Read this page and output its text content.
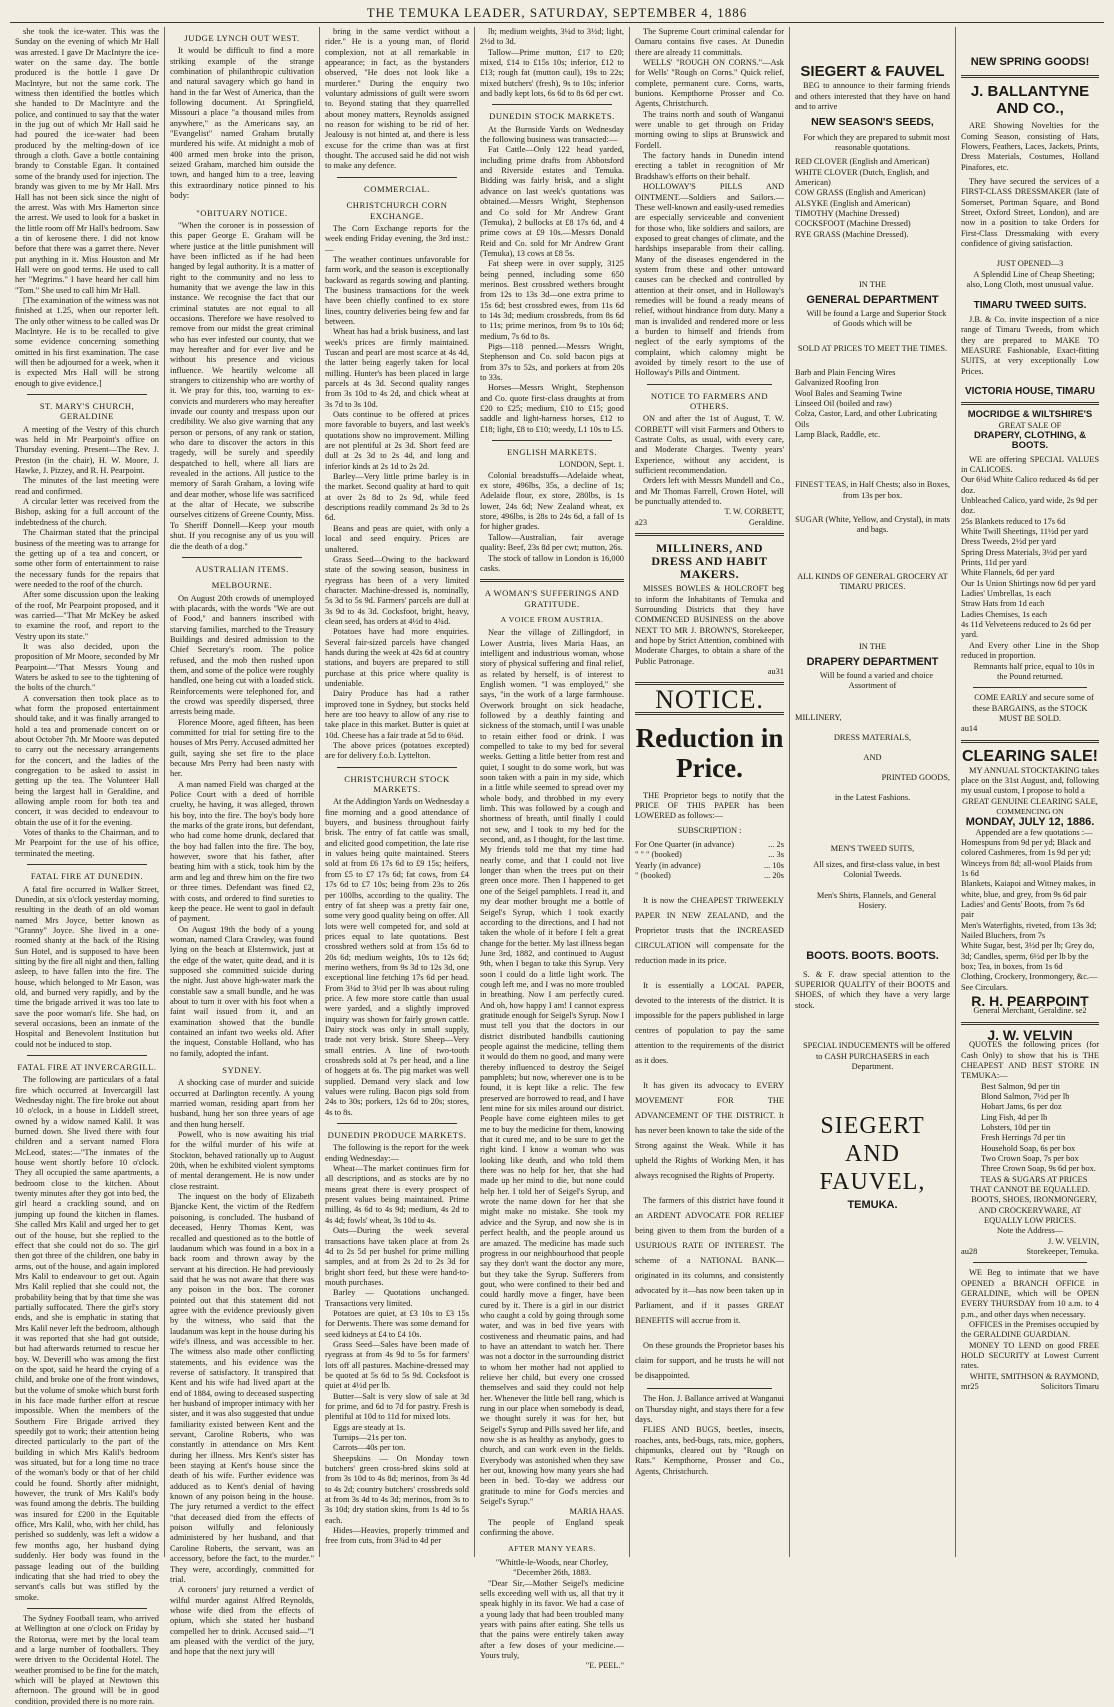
THE TEMUKA LEADER, SATURDAY, SEPTEMBER 4, 1886

she took the ice-water. This was the Sunday on the evening of which Mr Hall was arrested. I gave Dr MacIntyre the ice-water on the same day. The bottle produced is the bottle I gave Dr MacIntyre, but not the same cork. The witness then identified the bottles which she handed to Dr MacIntyre and the police, and continued to say that the water in the jug out of which Mr Hall said he had poured the ice-water had been produced by the melting-down of ice through a cloth. Gave a bottle containing brandy to Constable Egan. It contained some of the brandy used for injection. The brandy was given to me by Mr Hall. Mrs Hall has not been sick since the night of the arrest. Was with Mrs Hamerton since the arrest. We used to look for a basket in the little room off Mr Hall's bedroom. Saw a tin of kerosene there. I did not know before that there was a garret there. Never put anything in it. Miss Houston and Mr Hall were on good terms. He used to call her "Megrims." I have heard her call him "Tom." She used to call him Mr Hall.

[The examination of the witness was not finished at 1.25, when our reporter left. The only other witness to be called was Dr MacIntyre. He is to be recalled to give some evidence concerning something omitted in his first examination. The case will then be adjourned for a week, when it is expected Mrs Hall will be strong enough to give evidence.]

ST. MARY'S CHURCH, GERALDINE

A meeting of the Vestry of this church was held in Mr Pearpoint's office on Thursday evening. Present—The Rev. J. Preston (in the chair), H. W. Moore, J. Hawke, J. Pizzey, and R. H. Pearpoint.

The minutes of the last meeting were read and confirmed.

A circular letter was received from the Bishop, asking for a full account of the indebtedness of the church.

The Chairman stated that the principal business of the meeting was to arrange for the getting up of a tea and concert, or some other form of entertainment to raise the necessary funds for the repairs that were needed to the roof of the church.

After some discussion upon the leaking of the roof, Mr Pearpoint proposed, and it was carried—"That Mr McKey be asked to examine the roof, and report to the Vestry upon its state."

It was also decided, upon the proposition of Mr Moore, seconded by Mr Pearpoint—"That Messrs Young and Waters be asked to see to the tightening of the bolts of the church."

A conversation then took place as to what form the proposed entertainment should take, and it was finally arranged to hold a tea and promenade concert on or about October 7th. Mr Moore was deputed to carry out the necessary arrangements for the concert, and the ladies of the congregation to be asked to assist in getting up the tea. The Volunteer Hall being the largest hall in Geraldine, and allowing ample room for both tea and concert, it was decided to endeavour to obtain the use of it for the evening.

Votes of thanks to the Chairman, and to Mr Pearpoint for the use of his office, terminated the meeting.

FATAL FIRE AT DUNEDIN.

A fatal fire occurred in Walker Street, Dunedin, at six o'clock yesterday morning, resulting in the death of an old woman named Mrs Joyce, better known as "Granny" Joyce. She lived in a one-roomed shanty at the back of the Rising Sun Hotel, and is supposed to have been sitting by the fire all night and then, falling asleep, to have fallen into the fire. The house, which belonged to Mr Eason, was old, and burned very rapidly, and by the time the brigade arrived it was too late to save the poor woman's life. She had, on several occasions, been an inmate of the Hospital and Benevolent Institution but could not be induced to stop.

FATAL FIRE AT INVERCARGILL.

The following are particulars of a fatal fire which occurred at Invercargill last Wednesday night. The fire broke out about 10 o'clock, in a house in Liddell street, owned by a widow named Kalil. It was burned down. She lived there with four children and a servant named Flora McLeod, states:—"The inmates of the house went shortly before 10 o'clock. They all occupied the same apartments, a bedroom close to the kitchen. About twenty minutes after they got into bed, the girl heard a crackling sound, and on jumping up found the kitchen in flames. She called Mrs Kalil and urged her to get out of the house, but she replied to the effect that she could not do so. The girl then got three of the children, one baby in arms, out of the house, and again implored Mrs Kalil to endeavour to get out. Again Mrs Kalil replied that she could not, the probability being that by that time she was partially suffocated. There the girl's story ends, and she is emphatic in stating that Mrs Kalil never left the bedroom, although it was reported that she had got outside, but had afterwards returned to rescue her boy. W. Deverill who was among the first on the spot, said he heard the crying of a child, and broke one of the front windows, but the volume of smoke which burst forth in his face made further effort at rescue impossible. When the members of the Southern Fire Brigade arrived they speedily got to work; their attention being directed particularly to the part of the building in which Mrs Kalil's bedroom was situated, but for a long time no trace of the woman's body or that of her child could be found. Shortly after midnight, however, the trunk of Mrs Kalil's body was found among the debris. The building was insured for £200 in the Equitable office, Mrs Kalil, who, with her child, has perished so suddenly, was left a widow a few months ago, her husband dying suddenly. Her body was found in the passage leading out of the building indicating that she had tried to obey the servant's calls but was stifled by the smoke.

The Sydney Football team, who arrived at Wellington at one o'clock on Friday by the Rotorua, were met by the local team and a large number of footballers. They were driven to the Occidental Hotel. The weather promised to be fine for the match, which will be played at Newtown this afternoon. The ground will be in good condition, provided there is no more rain.

JUDGE LYNCH OUT WEST.

It would be difficult to find a more striking example of the strange combination of philanthropic cultivation and natural savagery which go hand in hand in the far West of America, than the following document. At Springfield, Missouri a place "a thousand miles from anywhere," as the Americans say, an "Evangelist" named Graham brutally murdered his wife. At midnight a mob of 400 armed men broke into the prison, seized Graham, marched him outside the town, and hanged him to a tree, leaving this extraordinary notice pinned to his body:

"OBITUARY NOTICE.

"When the coroner is in possession of this paper George E. Graham will be where justice at the little punishment will have been inflicted as if he had been hanged by legal authority. It is a matter of right to the community and no less to humanity that we avenge the law in this instance. We recognise the fact that our criminal statutes are not equal to all occasions. Therefore we have resolved to remove from our midst the great criminal who has ever infested our county, that we may hereafter and for ever live and be without his presence and vicious influence. We heartily welcome all strangers to citizenship who are worthy of it. We pray for this, too, warning to ex-convicts and murderers who may hereafter invade our county and trespass upon our credibility. We also give warning that any person or persons, of any rank or station, who dare to discover the actors in this tragedy, will be surely and speedily despatched to hell, where all liars are revealed in the actions. All justice to the memory of Sarah Graham, a loving wife and dear mother, whose life was sacrificed at the altar of Hecate, we subscribe ourselves citizens of Greene County, Miss. To Sheriff Donnell—Keep your mouth shut. If you recognise any of us you will die the death of a dog."

AUSTRALIAN ITEMS.
MELBOURNE.

On August 20th crowds of unemployed with placards, with the words "We are out of Food," and banners inscribed with starving families, marched to the Treasury Buildings and desired admission to the Chief Secretary's room. The police refused, and the mob then rushed upon them, and some of the police were roughly handled, one being cut with a loaded stick. Reinforcements were telephoned for, and the crowd was speedily dispersed, three arrests being made.

Florence Moore, aged fifteen, has been committed for trial for setting fire to the houses of Mrs Perry. Accused admitted her guilt, saying she set fire to the place because Mrs Perry had been nasty with her.

A man named Field was charged at the Police Court with a deed of horrible cruelty, he having, it was alleged, thrown his boy, into the fire. The boy's body bore the marks of the grate irons, but defendant, who had come home drunk, declared that the boy had fallen into the fire. The boy, however, swore that his father, after beating him with a stick, took him by the arm and leg and threw him on the fire two or three times. Defendant was fined £2, with costs, and ordered to find sureties to keep the peace. He went to gaol in default of payment.

On August 19th the body of a young woman, named Clara Crawley, was found lying on the beach at Elsternwick, just at the edge of the water, quite dead, and it is supposed she committed suicide during the night. Just above high-water mark the constable saw a small bundle, and he was about to turn it over with his foot when a faint wail issued from it, and an examination showed that the bundle contained an infant two weeks old. After the inquest, Constable Holland, who has no family, adopted the infant.

SYDNEY.

A shocking case of murder and suicide occurred at Darlington recently. A young married woman, residing apart from her husband, hung her son three years of age and then hung herself.

Powell, who is now awaiting his trial for the wilful murder of his wife at Stockton, behaved rationally up to August 20th, when he exhibited violent symptoms of mental derangement. He is now under close restraint.

The inquest on the body of Elizabeth Bjancke Kent, the victim of the Redfern poisoning, is concluded. The husband of deceased, Henry Thomas Kent, was recalled and questioned as to the bottle of laudanum which was found in a box in a back room and thrown away by the servant at his direction. He had previously said that he was not aware that there was any poison in the box. The coroner pointed out that this statement did not agree with the evidence previously given by the witness, who said that the laudanum was kept in the house during his wife's illness, and was accessible to her. The witness also made other conflicting statements, and his evidence was the reverse of satisfactory. It transpired that Kent and his wife had lived apart at the end of 1884, owing to deceased suspecting her husband of improper intimacy with her sister, and it was also suggested that undue familiarity existed between Kent and the servant, Caroline Roberts, who was constantly in attendance on Mrs Kent during her illness. Mrs Kent's sister has been staying at Kent's house since the death of his wife. Further evidence was adduced as to Kent's denial of having known of any poison being in the house. The jury returned a verdict to the effect "that deceased died from the effects of poison wilfully and feloniously administered by her husband, and that Caroline Roberts, the servant, was an accessory, before the fact, to the murder." They were, accordingly, committed for trial.

A coroners' jury returned a verdict of wilful murder against Alfred Reynolds, whose wife died from the effects of opium, which she stated her husband compelled her to drink. Accused said—"I am pleased with the verdict of the jury, and hope that the next jury will

bring in the same verdict without a rider." He is a young man, of florid complexion, not at all remarkable in appearance; in fact, as the bystanders observed, "He does not look like a murderer." During the enquiry two voluntary admissions of guilt were sworn to. Beyond stating that they quarrelled about money matters, Reynolds assigned no reason for wishing to be rid of her. Jealousy is not hinted at, and there is less excuse for the crime than was at first thought. The accused said he did not wish to make any defence.

COMMERCIAL.
CHRISTCHURCH CORN EXCHANGE.

The Corn Exchange reports for the week ending Friday evening, the 3rd inst.:—

The weather continues unfavorable for farm work, and the season is exceptionally backward as regards sowing and planting. The business transactions for the week have been chiefly confined to ex store lines, country deliveries being few and far between.

Wheat has had a brisk business, and last week's prices are firmly maintained. Tuscan and pearl are most scarce at 4s 4d, the latter being eagerly taken for local milling. Hunter's has been placed in large parcels at 4s 3d. Second quality ranges from 3s 10d to 4s 2d, and chick wheat at 3s 7d to 3s 10d.

Oats continue to be offered at prices more favorable to buyers, and last week's quotations show no improvement. Milling are not plentiful at 2s 3d. Short feed are dull at 2s 3d to 2s 4d, and long and inferior kinds at 2s 1d to 2s 2d.

Barley—Very little prime barley is in the market. Second quality at hard to quit at over 2s 8d to 2s 9d, while feed descriptions readily command 2s 3d to 2s 6d.

Beans and peas are quiet, with only a local and seed enquiry. Prices are unaltered.

Grass Seed—Owing to the backward state of the sowing season, business in ryegrass has been of a very limited character. Machine-dressed is, nominally, 5s 3d to 5s 9d. Farmers' parcels are dull at 3s 9d to 4s 3d. Cocksfoot, bright, heavy, clean seed, has orders at 4½d to 4¾d.

Potatoes have had more enquiries. Several fair-sized parcels have changed hands during the week at 42s 6d at country stations, and buyers are prepared to still purchase at this price where quality is undeniable.

Dairy Produce has had a rather improved tone in Sydney, but stocks held here are too heavy to allow of any rise to take place in this market. Butter is quiet at 10d. Cheese has a fair trade at 5d to 6¼d.

The above prices (potatoes excepted) are for delivery f.o.b. Lyttelton.

CHRISTCHURCH STOCK MARKETS.

At the Addington Yards on Wednesday a fine morning and a good attendance of buyers, and business throughout fairly brisk. The entry of fat cattle was small, and elicited good competition, the late rise in values being quite maintained. Steers sold at from £6 17s 6d to £9 15s; heifers, from £5 to £7 17s 6d; fat cows, from £4 17s 6d to £7 10s; being from 23s to 26s per 100lbs, according to the quality. The entry of fat sheep was a pretty fair one, some very good quality being on offer. All lots were well competed for, and sold at prices equal to late quotations. Best crossbred wethers sold at from 15s 6d to 20s 6d; medium weights, 10s to 12s 6d; merino wethers, from 9s 3d to 12s 3d, one exceptional line fetching 17s 6d per head. From 3¼d to 3½d per lb was about ruling price. A few more store cattle than usual were yarded, and a slightly improved inquiry was shown for fairly grown cattle. Dairy stock was only in small supply, trade not very brisk. Store Sheep—Very small entries. A line of two-tooth crossbreds sold at 7s per head, and a line of hoggets at 6s. The pig market was well supplied. Demand very slack and low values were ruling. Bacon pigs sold from 24s to 30s; porkers, 12s 6d to 20s; stores, 4s to 8s.

DUNEDIN PRODUCE MARKETS.

The following is the report for the week ending Wednesday:—

Wheat—The market continues firm for all descriptions, and as stocks are by no means great there is every prospect of present values being maintained. Prime milling, 4s 6d to 4s 9d; medium, 4s 2d to 4s 4d; fowls' wheat, 3s 10d to 4s.

Oats—During the week several transactions have taken place at from 2s 4d to 2s 5d per bushel for prime milling samples, and at from 2s 2d to 2s 3d for bright short feed, but these were hand-to-mouth purchases.

Barley — Quotations unchanged. Transactions very limited.

Potatoes are quiet, at £3 10s to £3 15s for Derwents. There was some demand for seed kidneys at £4 to £4 10s.

Grass Seed—Sales have been made of ryegrass at from 4s 9d to 5s for farmers' lots off all pastures. Machine-dressed may be quoted at 5s 6d to 5s 9d. Cocksfoot is quiet at 4½d per lb.

Butter—Salt is very slow of sale at 3d for prime, and 6d to 7d for pastry. Fresh is plentiful at 10d to 11d for mixed lots.

Eggs are steady at 1s.

Turnips—21s per ton.

Carrots—40s per ton.

Sheepskins — On Monday town butchers' green cross-bred skins sold at from 3s 10d to 4s 8d; merinos, from 3s 4d to 4s 2d; country butchers' crossbreds sold at from 3s 4d to 4s 3d; merinos, from 3s to 3s 10d; dry station skins, from 1s 4d to 5s each.

Hides—Heavies, properly trimmed and free from cuts, from 3¾d to 4d per

lb; medium weights, 3¼d to 3½d; light, 2½d to 3d.

Tallow—Prime mutton, £17 to £20; mixed, £14 to £15s 10s; inferior, £12 to £13; rough fat (mutton caul), 19s to 22s; mixed butchers' (fresh), 9s to 10s; inferior and badly kept lots, 6s 6d to 8s 6d per cwt.

DUNEDIN STOCK MARKETS.

At the Burnside Yards on Wednesday the following business was transacted:—

Fat Cattle—Only 122 head yarded, including prime drafts from Abbotsford and Riverside estates and Temuka. Bidding was fairly brisk, and a slight advance on last week's quotations was obtained.—Messrs Wright, Stephenson and Co sold for Mr Andrew Grant (Temuka), 2 bullocks at £8 17s 6d, and 4 prime cows at £9 10s.—Messrs Donald Reid and Co. sold for Mr Andrew Grant (Temuka), 13 cows at £8 5s.

Fat sheep were in over supply, 3125 being penned, including some 650 merinos. Best crossbred wethers brought from 12s to 13s 3d—one extra prime to 15s 6d; best crossbred ewes, from 11s 6d to 14s 3d; medium crossbreds, from 8s 6d to 11s; prime merinos, from 9s to 10s 6d; medium, 7s 6d to 8s.

Pigs—118 penned.—Messrs Wright, Stephenson and Co. sold bacon pigs at from 37s to 52s, and porkers at from 20s to 33s.

Horses—Messrs Wright, Stephenson and Co. quote first-class draughts at from £20 to £25; medium, £10 to £15; good saddle and light-harness horses, £12 to £18; light, £8 to £10; weedy, L1 10s to L5.

ENGLISH MARKETS.
LONDON, Sept. 1.

Colonial breadstuffs—Adelaide wheat, ex store, 496lbs, 35s, a decline of 1s; Adelaide flour, ex store, 280lbs, is 1s lower, 24s 6d; New Zealand wheat, ex store, 496lbs, is 28s to 24s 6d, a fall of 1s for higher grades.

Tallow—Australian, fair average quality: Beef, 23s 8d per cwt; mutton, 26s.

The stock of tallow in London is 16,000 casks.

A WOMAN'S SUFFERINGS AND GRATITUDE.
A VOICE FROM AUSTRIA.

Near the village of Zillingdorf, in Lower Austria, lives Maria Haas, an intelligent and industrious woman, whose story of physical suffering and final relief, as related by herself, is of interest to English women. "I was employed," she says, "in the work of a large farmhouse. Overwork brought on sick headache, followed by a deathly fainting and sickness of the stomach, until I was unable to retain either food or drink. I was compelled to take to my bed for several weeks. Getting a little better from rest and quiet, I sought to do some work, but was soon taken with a pain in my side, which in a little while seemed to spread over my whole body, and throbbed in my every limb. This was followed by a cough and shortness of breath, until finally I could not sew, and I took to my bed for the second, and, as I thought, for the last time. My friends told me that my time had nearly come, and that I could not live longer than when the trees put on their green once more. Then I happened to get one of the Seigel pamphlets. I read it, and my dear mother brought me a bottle of Seigel's Syrup, which I took exactly according to the directions, and I had not taken the whole of it before I felt a great change for the better. My last illness began June 3rd, 1882, and continued to August 9th, when I began to take this Syrup. Very soon I could do a little light work. The cough left me, and I was no more troubled in breathing. Now I am perfectly cured. And oh, how happy I am! I cannot express gratitude enough for Seigel's Syrup. Now I must tell you that the doctors in our district distributed handbills cautioning people against the medicine, telling them it would do them no good, and many were thereby influenced to destroy the Seigel pamphlets; but now, wherever one is to be found, it is kept like a relic. The few preserved are borrowed to read, and I have lent mine for six miles around our district. People have come eighteen miles to get me to buy the medicine for them, knowing that it cured me, and to be sure to get the right kind. I know a woman who was looking like death, and who told them there was no help for her, that she had made up her mind to die, but none could help her. I told her of Seigel's Syrup, and wrote the name down for her that she might make no mistake. She took my advice and the Syrup, and now she is in perfect health, and the people around us are amazed. The medicine has made such progress in our neighbourhood that people say they don't want the doctor any more, but they take the Syrup. Sufferers from gout, who were confined to their bed and could hardly move a finger, have been cured by it. There is a girl in our district who caught a cold by going through some water, and was in bed five years with costiveness and rheumatic pains, and had to have an attendant to watch her. There was not a doctor in the surrounding district to whom her mother had not applied to relieve her child, but every one crossed themselves and said they could not help her. Whenever the little bell rang, which is rung in our place when somebody is dead, we thought surely it was for her, but Seigel's Syrup and Pills saved her life, and now she is as healthy as anybody, goes to church, and can work even in the fields. Everybody was astonished when they saw her out, knowing how many years she had been in bed. To-day we address our gratitude to mine for God's mercies and Seigel's Syrup."

MARIA HAAS.

The people of England speak confirming the above.

AFTER MANY YEARS.
"Whittle-le-Woods, near Chorley, "December 26th, 1883.

"Dear Sir,—Mother Seigel's medicine sells exceeding well with us, all that try it speak highly in its favor. We had a case of a young lady that had been troubled many years with pains after eating. She tells us that the pains were entirely taken away after a few doses of your medicine.—Yours truly,

"E. PEEL."

The Supreme Court criminal calendar for Oamaru contains five cases. At Dunedin there are already 11 committals.

WELLS' "ROUGH ON CORNS."—Ask for Wells' "Rough on Corns." Quick relief, complete, permanent cure. Corns, warts, bunions. Kempthorne Prosser and Co. Agents, Christchurch.

The trains north and south of Wanganui were unable to get through on Friday morning owing to slips at Brunswick and Fordell.

The factory hands in Dunedin intend erecting a tablet in recognition of Mr Bradshaw's efforts on their behalf.

HOLLOWAY'S PILLS AND OINTMENT.—Soldiers and Sailors.—These well-known and easily-used remedies are especially serviceable and convenient for those who, like soldiers and sailors, are exposed to great changes of climate, and the hardships inseparable from their calling. Many of the diseases engendered in the system from these and other untoward causes can be checked and controlled by attention at their onset, and in Holloway's remedies will be found a ready means of relief, without hindrance from duty. Many a man is invalided and rendered more or less a burden to himself and friends from neglect of the early symptoms of the complaint, which calomny might be avoided by timely resort to the use of Holloway's Pills and Ointment.

NOTICE TO FARMERS AND OTHERS.

ON and after the 1st of August, T. W. CORBETT will visit Farmers and Others to Castrate Colts, as usual, with every care, and Moderate Charges. Twenty years' Experience, without any accident, is sufficient recommendation.

Orders left with Messrs Mundell and Co., and Mr Thomas Farrell, Crown Hotel, will be punctually attended to.

T. W. CORBETT,
a23	Geraldine.
MILLINERS, AND DRESS AND HABIT MAKERS.

MISSES BOWLES & HOLCROFT beg to inform the Inhabitants of Temuka and Surrounding Districts that they have COMMENCED BUSINESS on the above NEXT TO MR J. BROWN'S, Storekeeper, and hope by Strict Attention, combined with Moderate Charges, to obtain a share of the Public Patronage.

au31
NOTICE.
Reduction in Price.

THE Proprietor begs to notify that the PRICE OF THIS PAPER has been LOWERED as follows:—

SUBSCRIPTION :
For One Quarter (in advance)	... 2s
" " " (booked)	... 3s
Yearly (in advance)	... 10s
" (booked)	... 20s

It is now the CHEAPEST TRIWEEKLY PAPER IN NEW ZEALAND, and the Proprietor trusts that the INCREASED CIRCULATION will compensate for the reduction made in its price.

It is essentially a LOCAL PAPER, devoted to the interests of the district. It is impossible for the papers published in large centres of population to pay the same attention to the requirements of the district as it does.

It has given its advocacy to EVERY MOVEMENT FOR THE ADVANCEMENT OF THE DISTRICT. It has never been known to take the side of the Strong against the Weak. While it has upheld the Rights of Working Men, it has always recognised the Rights of Property.

The farmers of this district have found it an ARDENT ADVOCATE FOR RELIEF being given to them from the burden of a USURIOUS RATE OF INTEREST. The scheme of a NATIONAL BANK—originated in its columns, and consistently advocated by it—has now been taken up in Parliament, and if it passes GREAT BENEFITS will accrue from it.

On these grounds the Proprietor bases his claim for support, and he trusts he will not be disappointed.

The Hon. J. Ballance arrived at Wanganui on Thursday night, and stays there for a few days.

FLIES AND BUGS, beetles, insects, roaches, ants, bed-bugs, rats, mice, gophers, chipmunks, cleared out by "Rough on Rats." Kempthorne, Prosser and Co., Agents, Christchurch.

SIEGERT & FAUVEL

BEG to announce to their farming friends and others interested that they have on hand and to arrive

NEW SEASON'S SEEDS,

For which they are prepared to submit most reasonable quotations.

RED CLOVER (English and American)
WHITE CLOVER (Dutch, English, and American)
COW GRASS (English and American)
ALSYKE (English and American)
TIMOTHY (Machine Dressed)
COCKSFOOT (Machine Dressed)
RYE GRASS (Machine Dressed).
IN THE
GENERAL DEPARTMENT

Will be found a Large and Superior Stock of Goods which will be

SOLD AT PRICES TO MEET THE TIMES.
Barb and Plain Fencing Wires
Galvanized Roofing Iron
Wool Bales and Seaming Twine
Linseed Oil (boiled and raw)
Colza, Castor, Lard, and other Lubricating Oils
Lamp Black, Raddle, etc.
FINEST TEAS, in Half Chests; also in Boxes, from 13s per box.
SUGAR (White, Yellow, and Crystal), in mats and bags.
ALL KINDS OF GENERAL GROCERY AT TIMARU PRICES.
IN THE
DRAPERY DEPARTMENT

Will be found a varied and choice Assortment of

MILLINERY,
DRESS MATERIALS,
AND
PRINTED GOODS,
in the Latest Fashions.
MEN'S TWEED SUITS,

All sizes, and first-class value, in best Colonial Tweeds.

Men's Shirts, Flannels, and General Hosiery.

BOOTS. BOOTS. BOOTS.

S. & F. draw special attention to the SUPERIOR QUALITY of their BOOTS and SHOES, of which they have a very large stock.

SPECIAL INDUCEMENTS will be offered to CASH PURCHASERS in each Department.

SIEGERT AND
FAUVEL,
TEMUKA.
NEW SPRING GOODS!
J. BALLANTYNE
AND CO.,

ARE Showing Novelties for the Coming Season, consisting of Hats, Flowers, Feathers, Laces, Jackets, Prints, Dress Materials, Costumes, Holland Pinafores, etc.

They have secured the services of a FIRST-CLASS DRESSMAKER (late of Somerset, Portman Square, and Bond Street, Oxford Street, London), and are now in a position to take Orders for First-Class Dressmaking with every confidence of giving satisfaction.

JUST OPENED—3

A Splendid Line of Cheap Sheeting; also, Long Cloth, most unusual value.

TIMARU TWEED SUITS.

J.B. & Co. invite inspection of a nice range of Timaru Tweeds, from which they are prepared to MAKE TO MEASURE Fashionable, Exact-fitting SUITS, at very exceptionally Low Prices.

VICTORIA HOUSE, TIMARU
MOCRIDGE & WILTSHIRE'S
GREAT SALE OF
DRAPERY, CLOTHING, & BOOTS.

WE are offering SPECIAL VALUES in CALICOES.

Our 6¼d White Calico reduced 4s 6d per doz.
Unbleached Calico, yard wide, 2s 9d per doz.
25s Blankets reduced to 17s 6d
White Twill Sheetings, 11½d per yard
Dress Tweeds, 2½d per yard
Spring Dress Materials, 3½d per yard
Prints, 11d per yard
White Flannels, 6d per yard
Our 1s Union Shirtings now 6d per yard
Ladies' Umbrellas, 1s each
Straw Hats from 1d each
Ladies Chemises, 1s each
4s 11d Velveteens reduced to 2s 6d per yard.

And Every other Line in the Shop reduced in proportion.

Remnants half price, equal to 10s in the Pound returned.

COME EARLY and secure some of these BARGAINS, as the STOCK MUST BE SOLD.

au14
CLEARING SALE!

MY ANNUAL STOCKTAKING takes place on the 31st August, and, following my usual custom, I propose to hold a

GREAT GENUINE CLEARING SALE,
COMMENCING ON
MONDAY, JULY 12, 1886.

Appended are a few quotations :—

Homespuns from 9d per yd; Black and colored Cashmeres, from 1s 9d per yd; Winceys from 8d; all-wool Plaids from 1s 6d
Blankets, Kaiapoi and Witney makes, in white, blue, and grey, from 9s 6d pair
Ladies' and Gents' Boots, from 7s 6d pair
Men's Waterfights, riveted, from 13s 3d; Nailed Bluchers, from 7s
White Sugar, best, 3½d per lb; Grey do, 3d; Candles, sperm, 6½d per lb by the box; Tea, in boxes, from 1s 6d
Clothing, Crockery, Ironmongery, &c.—See Circulars.
R. H. PEARPOINT
General Merchant, Geraldine. se2
J. W. VELVIN

QUOTES the following prices (for Cash Only) to show that his is THE CHEAPEST AND BEST STORE IN TEMUKA:—

Best Salmon, 9d per tin
Blond Salmon, 7½d per lb
Hobart Jams, 6s per doz
Ling Fish, 4d per lb
Lobsters, 10d per tin
Fresh Herrings 7d per tin
Household Soap, 6s per box
Two Crown Soap, 7s per box
Three Crown Soap, 9s 6d per box.

TEAS & SUGARS AT PRICES THAT CANNOT BE EQUALLED.

BOOTS, SHOES, IRONMONGERY, AND CROCKERYWARE, AT EQUALLY LOW PRICES.

Note the Address—
J. W. VELVIN,
au28	Storekeeper, Temuka.

WE Beg to intimate that we have OPENED a BRANCH OFFICE in GERALDINE, which will be OPEN EVERY THURSDAY from 10 a.m. to 4 p.m., and other days when necessary.

OFFICES in the Premises occupied by the GERALDINE GUARDIAN.

MONEY TO LEND on good FREE HOLD SECURITY at Lowest Current rates.

WHITE, SMITHSON & RAYMOND,
mr25	Solicitors Timaru
